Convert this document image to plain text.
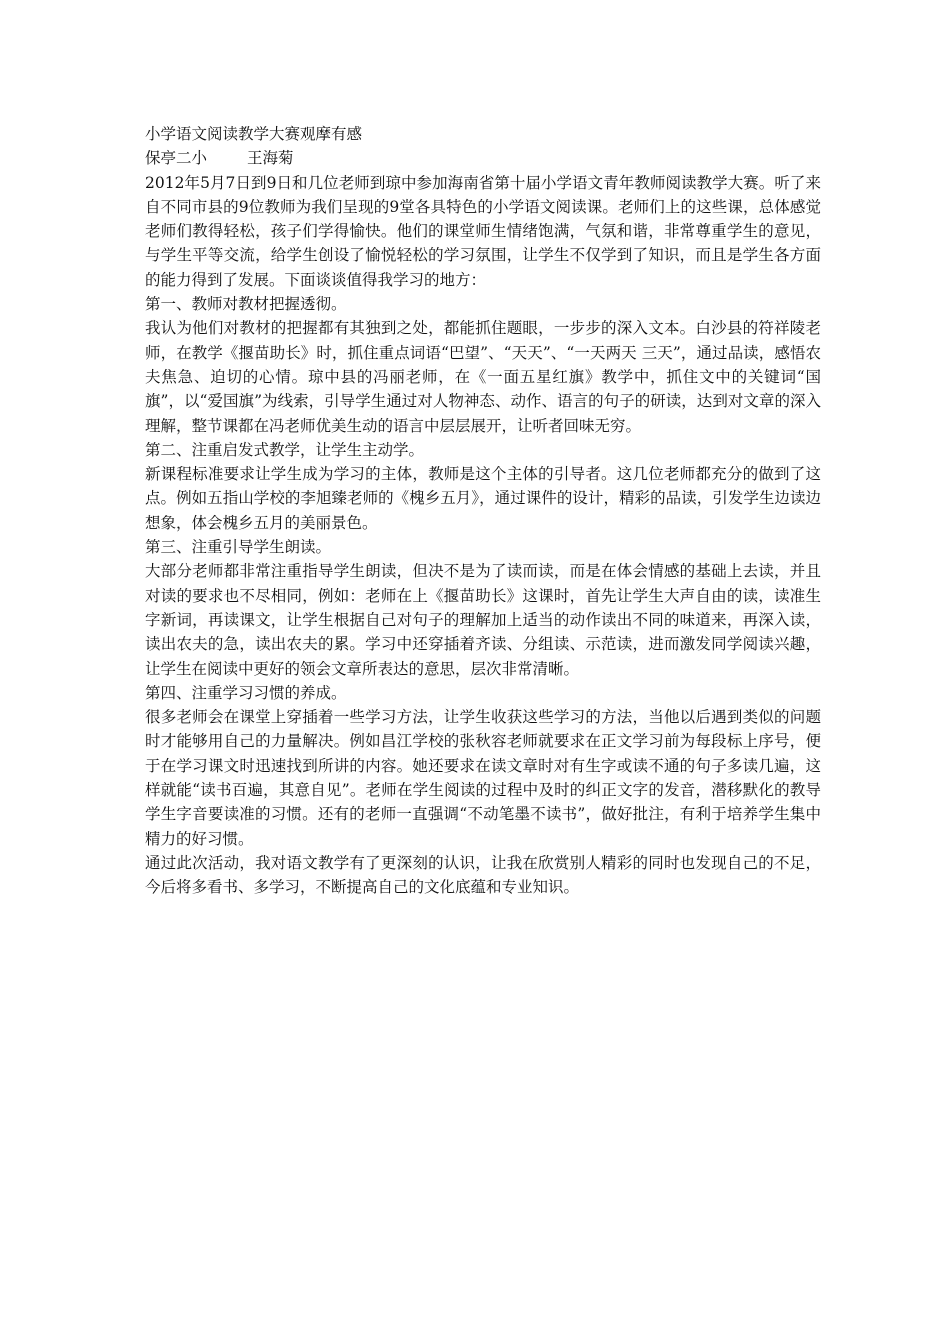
小学语文阅读教学大赛观摩有感

保亭二小	王海菊

2012年5月7日到9日和几位老师到琼中参加海南省第十届小学语文青年教师阅读教学大赛。听了来自不同市县的9位教师为我们呈现的9堂各具特色的小学语文阅读课。老师们上的这些课，总体感觉老师们教得轻松，孩子们学得愉快。他们的课堂师生情绪饱满，气氛和谐，非常尊重学生的意见，与学生平等交流，给学生创设了愉悦轻松的学习氛围，让学生不仅学到了知识，而且是学生各方面的能力得到了发展。下面谈谈值得我学习的地方：

第一、教师对教材把握透彻。

我认为他们对教材的把握都有其独到之处，都能抓住题眼，一步步的深入文本。白沙县的符祥陵老师，在教学《揠苗助长》时，抓住重点词语“巴望”、“天天”、“一天两天 三天”，通过品读，感悟农夫焦急、迫切的心情。琼中县的冯丽老师，在《一面五星红旗》教学中，抓住文中的关键词“国旗”，以“爱国旗”为线索，引导学生通过对人物神态、动作、语言的句子的研读，达到对文章的深入理解，整节课都在冯老师优美生动的语言中层层展开，让听者回味无穷。

第二、注重启发式教学，让学生主动学。

新课程标准要求让学生成为学习的主体，教师是这个主体的引导者。这几位老师都充分的做到了这点。例如五指山学校的李旭臻老师的《槐乡五月》，通过课件的设计，精彩的品读，引发学生边读边想象，体会槐乡五月的美丽景色。

第三、注重引导学生朗读。

大部分老师都非常注重指导学生朗读，但决不是为了读而读，而是在体会情感的基础上去读，并且对读的要求也不尽相同，例如：老师在上《揠苗助长》这课时，首先让学生大声自由的读，读准生字新词，再读课文，让学生根据自己对句子的理解加上适当的动作读出不同的味道来，再深入读，读出农夫的急，读出农夫的累。学习中还穿插着齐读、分组读、示范读，进而激发同学阅读兴趣，让学生在阅读中更好的领会文章所表达的意思，层次非常清晰。

第四、注重学习习惯的养成。

很多老师会在课堂上穿插着一些学习方法，让学生收获这些学习的方法，当他以后遇到类似的问题时才能够用自己的力量解决。例如昌江学校的张秋容老师就要求在正文学习前为每段标上序号，便于在学习课文时迅速找到所讲的内容。她还要求在读文章时对有生字或读不通的句子多读几遍，这样就能“读书百遍，其意自见”。老师在学生阅读的过程中及时的纠正文字的发音，潜移默化的教导学生字音要读准的习惯。还有的老师一直强调“不动笔墨不读书”，做好批注，有利于培养学生集中精力的好习惯。

通过此次活动，我对语文教学有了更深刻的认识，让我在欣赏别人精彩的同时也发现自己的不足，今后将多看书、多学习，不断提高自己的文化底蕴和专业知识。
